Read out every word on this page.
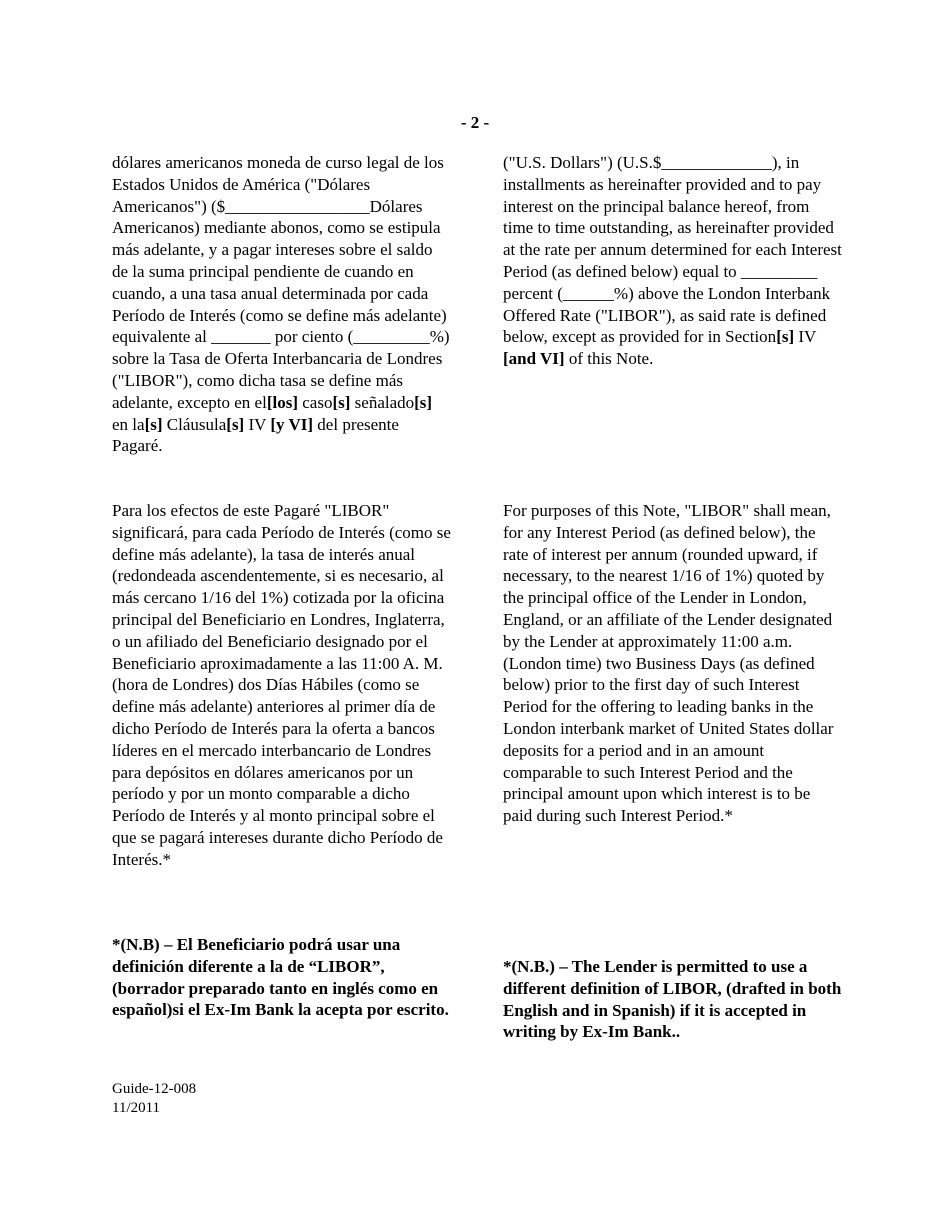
- 2 -

dólares americanos moneda de curso legal de los Estados Unidos de América ("Dólares Americanos") ($_________________Dólares Americanos) mediante abonos, como se estipula más adelante, y a pagar intereses sobre el saldo de la suma principal pendiente de cuando en cuando, a una tasa anual determinada por cada Período de Interés (como se define más adelante) equivalente al _______ por ciento (_________%) sobre la Tasa de Oferta Interbancaria de Londres ("LIBOR"), como dicha tasa se define más adelante, excepto en el[los] caso[s] señalado[s] en la[s] Cláusula[s] IV [y VI] del presente Pagaré.

Para los efectos de este Pagaré "LIBOR" significará, para cada Período de Interés (como se define más adelante), la tasa de interés anual (redondeada ascendentemente, si es necesario, al más cercano 1/16 del 1%) cotizada por la oficina principal del Beneficiario en Londres, Inglaterra, o un afiliado del Beneficiario designado por el Beneficiario aproximadamente a las 11:00 A. M. (hora de Londres) dos Días Hábiles (como se define más adelante) anteriores al primer día de dicho Período de Interés para la oferta a bancos líderes en el mercado interbancario de Londres para depósitos en dólares americanos por un período y por un monto comparable a dicho Período de Interés y al monto principal sobre el que se pagará intereses durante dicho Período de Interés.*

*(N.B) – El Beneficiario podrá usar una definición diferente a la de “LIBOR”, (borrador preparado tanto en inglés como en español)si el Ex-Im Bank la acepta por escrito.

("U.S. Dollars") (U.S.$_____________), in installments as hereinafter provided and to pay interest on the principal balance hereof, from time to time outstanding, as hereinafter provided at the rate per annum determined for each Interest Period (as defined below) equal to _________ percent (______%) above the London Interbank Offered Rate ("LIBOR"), as said rate is defined below, except as provided for in Section[s] IV [and VI] of this Note.

For purposes of this Note, "LIBOR" shall mean, for any Interest Period (as defined below), the rate of interest per annum (rounded upward, if necessary, to the nearest 1/16 of 1%) quoted by the principal office of the Lender in London, England, or an affiliate of the Lender designated by the Lender at approximately 11:00 a.m. (London time) two Business Days (as defined below) prior to the first day of such Interest Period for the offering to leading banks in the London interbank market of United States dollar deposits for a period and in an amount comparable to such Interest Period and the principal amount upon which interest is to be paid during such Interest Period.*

*(N.B.) – The Lender is permitted to use a different definition of LIBOR, (drafted in both English and in Spanish) if it is accepted in writing by Ex-Im Bank..

Guide-12-008
11/2011
